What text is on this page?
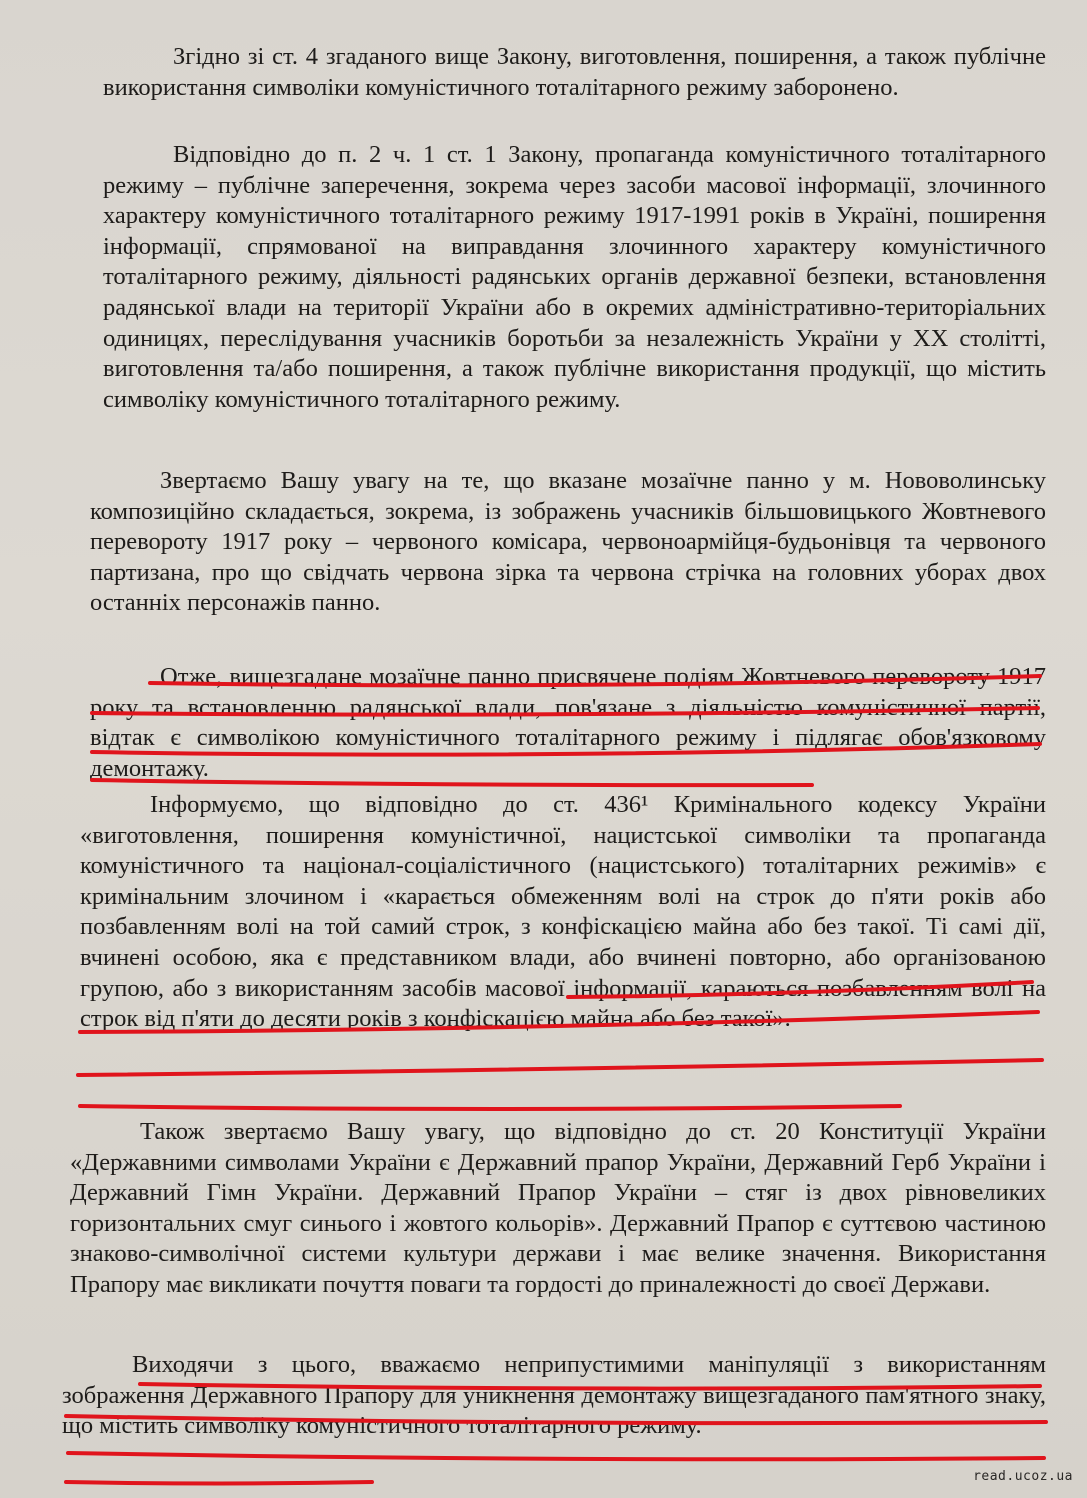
Згідно зі ст. 4 згаданого вище Закону, виготовлення, поширення, а також публічне використання символіки комуністичного тоталітарного режиму заборонено.

Відповідно до п. 2 ч. 1 ст. 1 Закону, пропаганда комуністичного тоталітарного режиму – публічне заперечення, зокрема через засоби масової інформації, злочинного характеру комуністичного тоталітарного режиму 1917-1991 років в Україні, поширення інформації, спрямованої на виправдання злочинного характеру комуністичного тоталітарного режиму, діяльності радянських органів державної безпеки, встановлення радянської влади на території України або в окремих адміністративно-територіальних одиницях, переслідування учасників боротьби за незалежність України у XX столітті, виготовлення та/або поширення, а також публічне використання продукції, що містить символіку комуністичного тоталітарного режиму.

Звертаємо Вашу увагу на те, що вказане мозаїчне панно у м. Нововолинську композиційно складається, зокрема, із зображень учасників більшовицького Жовтневого перевороту 1917 року – червоного комісара, червоноармійця-будьонівця та червоного партизана, про що свідчать червона зірка та червона стрічка на головних уборах двох останніх персонажів панно.

Отже, вищезгадане мозаїчне панно присвячене подіям Жовтневого перевороту 1917 року та встановленню радянської влади, пов'язане з діяльністю комуністичної партії, відтак є символікою комуністичного тоталітарного режиму і підлягає обов'язковому демонтажу.

Інформуємо, що відповідно до ст. 436¹ Кримінального кодексу України «виготовлення, поширення комуністичної, нацистської символіки та пропаганда комуністичного та націонал-соціалістичного (нацистського) тоталітарних режимів» є кримінальним злочином і «карається обмеженням волі на строк до п'яти років або позбавленням волі на той самий строк, з конфіскацією майна або без такої. Ті самі дії, вчинені особою, яка є представником влади, або вчинені повторно, або організованою групою, або з використанням засобів масової інформації, караються позбавленням волі на строк від п'яти до десяти років з конфіскацією майна або без такої».

Також звертаємо Вашу увагу, що відповідно до ст. 20 Конституції України «Державними символами України є Державний прапор України, Державний Герб України і Державний Гімн України. Державний Прапор України – стяг із двох рівновеликих горизонтальних смуг синього і жовтого кольорів». Державний Прапор є суттєвою частиною знаково-символічної системи культури держави і має велике значення. Використання Прапору має викликати почуття поваги та гордості до приналежності до своєї Держави.

Виходячи з цього, вважаємо неприпустимими маніпуляції з використанням зображення Державного Прапору для уникнення демонтажу вищезгаданого пам'ятного знаку, що містить символіку комуністичного тоталітарного режиму.

read.ucoz.ua
